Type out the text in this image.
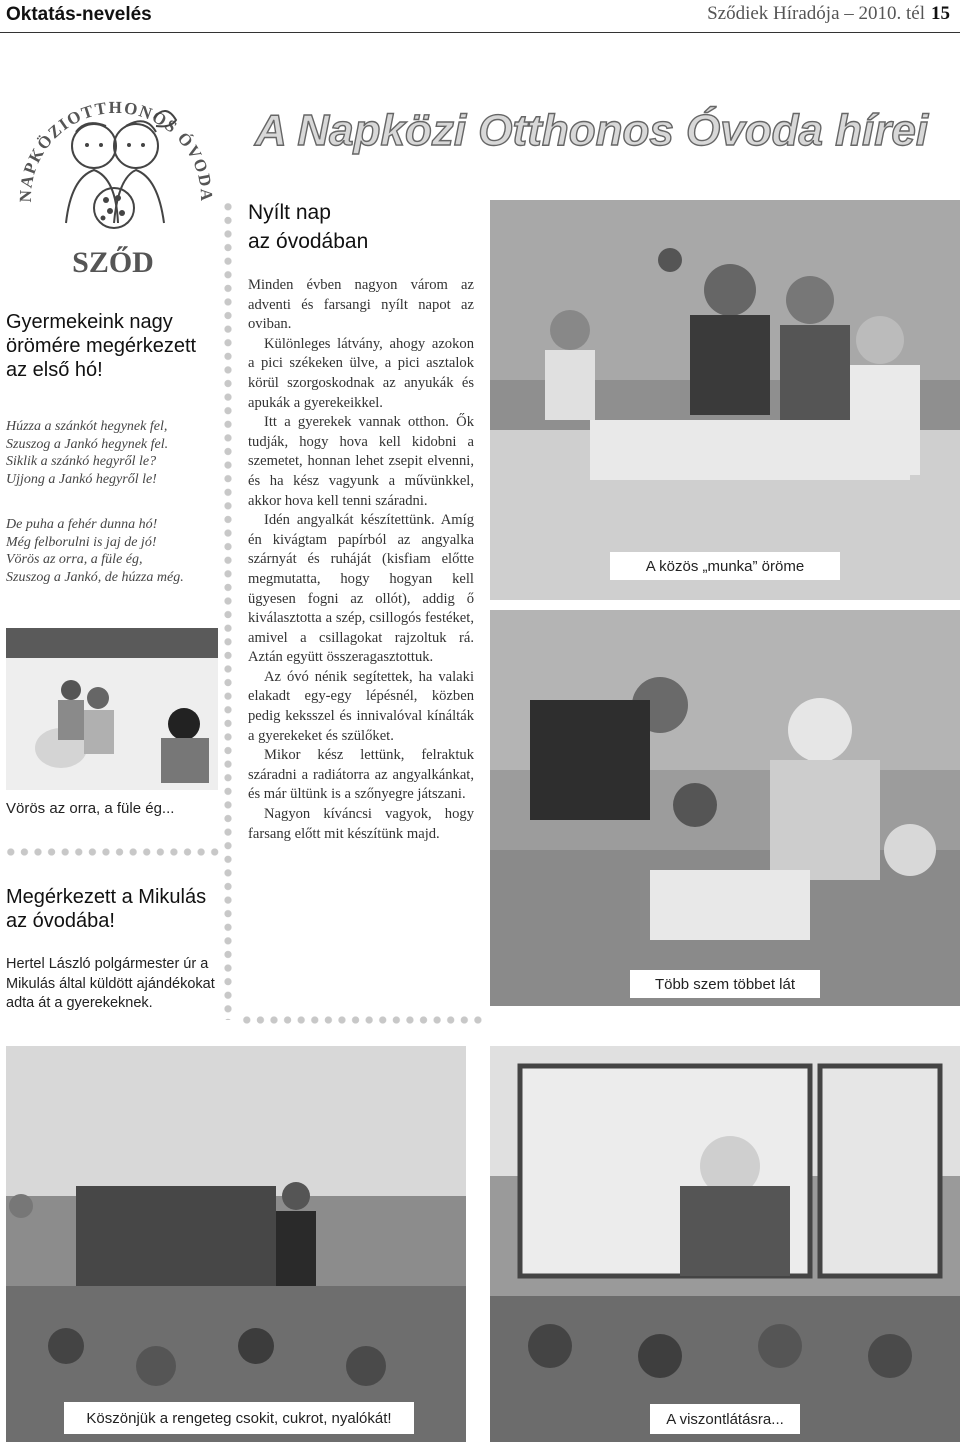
Oktatás-nevelés	Sződiek Híradója – 2010. tél 15
NAPKÖZIOTTHONOS ÓVODA
SZŐD
NAPKÖZIOTTHONOS ÓVODA
A Napközi Otthonos Óvoda hírei
Gyermekeink nagy örömére megérkezett az első hó!
Húzza a szánkót hegynek fel,
Szuszog a Jankó hegynek fel.
Siklik a szánkó hegyről le?
Ujjong a Jankó hegyről le!
De puha a fehér dunna hó!
Még felborulni is jaj de jó!
Vörös az orra, a füle ég,
Szuszog a Jankó, de húzza még.
Vörös az orra, a füle ég...
Megérkezett a Mikulás az óvodába!
Hertel László polgármester úr a Mikulás által küldött ajándékokat adta át a gyerekeknek.
Nyílt nap
az óvodában

Minden évben nagyon várom az adventi és farsangi nyílt napot az oviban.

Különleges látvány, ahogy azokon a pici székeken ülve, a pici asztalok körül szorgoskodnak az anyukák és apukák a gyerekeikkel.

Itt a gyerekek vannak otthon. Ők tudják, hogy hova kell kidobni a szemetet, honnan lehet zsepit elvenni, és ha kész vagyunk a művünkkel, akkor hova kell tenni száradni.

Idén angyalkát készítettünk. Amíg én kivágtam papírból az angyalka szárnyát és ruháját (kisfiam előtte megmutatta, hogy hogyan kell ügyesen fogni az ollót), addig ő kiválasztotta a szép, csillogós festéket, amivel a csillagokat rajzoltuk rá. Aztán együtt összeragasztottuk.

Az óvó nénik segítettek, ha valaki elakadt egy-egy lépésnél, közben pedig keksszel és innivalóval kínálták a gyerekeket és szülőket.

Mikor kész lettünk, felraktuk száradni a radiátorra az angyalkánkat, és már ültünk is a szőnyegre játszani.

Nagyon kíváncsi vagyok, hogy farsang előtt mit készítünk majd.

A közös „munka” öröme
Több szem többet lát
Köszönjük a rengeteg csokit, cukrot, nyalókát!	A viszontlátásra...
